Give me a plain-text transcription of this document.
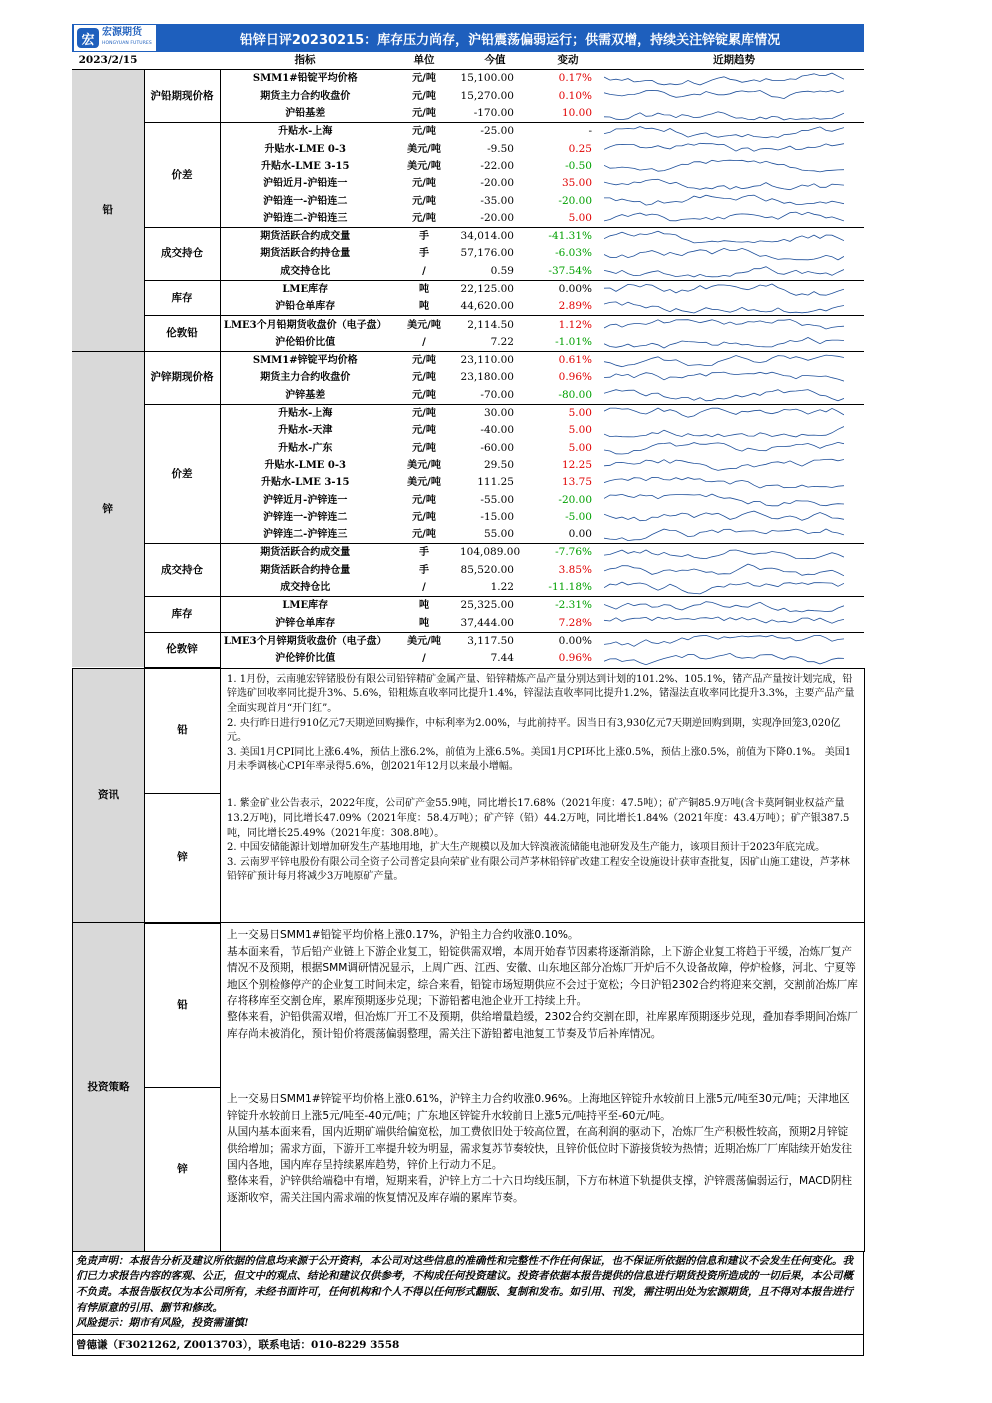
宏 宏源期货
HONGYUAN FUTURES	铅锌日评20230215：库存压力尚存，沪铅震荡偏弱运行；供需双增，持续关注锌锭累库情况
2023/2/15		指标	单位	今值	变动	近期趋势
铅	沪铅期现价格	SMM1#铅锭平均价格	元/吨	15,100.00	0.17%	

		期货主力合约收盘价	元/吨	15,270.00	0.10%	

		沪铅基差	元/吨	-170.00	10.00	

	价差	升贴水-上海	元/吨	-25.00	-	

		升贴水-LME 0-3	美元/吨	-9.50	0.25	

		升贴水-LME 3-15	美元/吨	-22.00	-0.50	

		沪铅近月-沪铅连一	元/吨	-20.00	35.00	

		沪铅连一-沪铅连二	元/吨	-35.00	-20.00	

		沪铅连二-沪铅连三	元/吨	-20.00	5.00	

	成交持仓	期货活跃合约成交量	手	34,014.00	-41.31%	

		期货活跃合约持仓量	手	57,176.00	-6.03%	

		成交持仓比	/	0.59	-37.54%	

	库存	LME库存	吨	22,125.00	0.00%	

		沪铅仓单库存	吨	44,620.00	2.89%	

	伦敦铅	LME3个月铅期货收盘价（电子盘）	美元/吨	2,114.50	1.12%	

		沪伦铅价比值	/	7.22	-1.01%	

锌	沪锌期现价格	SMM1#锌锭平均价格	元/吨	23,110.00	0.61%	

		期货主力合约收盘价	元/吨	23,180.00	0.96%	

		沪锌基差	元/吨	-70.00	-80.00	

	价差	升贴水-上海	元/吨	30.00	5.00	

		升贴水-天津	元/吨	-40.00	5.00	

		升贴水-广东	元/吨	-60.00	5.00	

		升贴水-LME 0-3	美元/吨	29.50	12.25	

		升贴水-LME 3-15	美元/吨	111.25	13.75	

		沪锌近月-沪锌连一	元/吨	-55.00	-20.00	

		沪锌连一-沪锌连二	元/吨	-15.00	-5.00	

		沪锌连二-沪锌连三	元/吨	55.00	0.00	

	成交持仓	期货活跃合约成交量	手	104,089.00	-7.76%	

		期货活跃合约持仓量	手	85,520.00	3.85%	

		成交持仓比	/	1.22	-11.18%	

	库存	LME库存	吨	25,325.00	-2.31%	

		沪锌仓单库存	吨	37,444.00	7.28%	

	伦敦锌	LME3个月锌期货收盘价（电子盘）	美元/吨	3,117.50	0.00%	

		沪伦锌价比值	/	7.44	0.96%	
资讯	铅	1. 1月份，云南驰宏锌锗股份有限公司铅锌精矿金属产量、铅锌精炼产品产量分别达到计划的101.2%、105.1%，锗产品产量按计划完成，铅锌选矿回收率同比提升3%、5.6%，铅粗炼直收率同比提升1.4%，锌湿法直收率同比提升1.2%，锗湿法直收率同比提升3.3%，主要产品产量全面实现首月“开门红”。
2. 央行昨日进行910亿元7天期逆回购操作，中标利率为2.00%，与此前持平。因当日有3,930亿元7天期逆回购到期，实现净回笼3,020亿元。
3. 美国1月CPI同比上涨6.4%，预估上涨6.2%，前值为上涨6.5%。美国1月CPI环比上涨0.5%，预估上涨0.5%，前值为下降0.1%。 美国1月未季调核心CPI年率录得5.6%，创2021年12月以来最小增幅。
	锌	1. 紫金矿业公告表示，2022年度，公司矿产金55.9吨，同比增长17.68%（2021年度：47.5吨）；矿产铜85.9万吨(含卡莫阿铜业权益产量13.2万吨)，同比增长47.09%（2021年度：58.4万吨）；矿产锌（铅）44.2万吨，同比增长1.84%（2021年度：43.4万吨）；矿产银387.5吨，同比增长25.49%（2021年度：308.8吨）。
2. 中国安储能源计划增加研发生产基地用地，扩大生产规模以及加大锌溴液流储能电池研发及生产能力，该项目预计于2023年底完成。
3. 云南罗平锌电股份有限公司全资子公司普定县向荣矿业有限公司芦茅林铅锌矿改建工程安全设施设计获审查批复，因矿山施工建设，芦茅林铅锌矿预计每月将减少3万吨原矿产量。
投资策略	铅	上一交易日SMM1#铅锭平均价格上涨0.17%，沪铅主力合约收涨0.10%。
基本面来看，节后铅产业链上下游企业复工，铅锭供需双增，本周开始春节因素将逐渐消除，上下游企业复工将趋于平缓，冶炼厂复产情况不及预期，根据SMM调研情况显示，上周广西、江西、安徽、山东地区部分冶炼厂开炉后不久设备故障，停炉检修，河北、宁夏等地区个别检修停产的企业复工时间未定，综合来看，铅锭市场短期供应不会过于宽松；今日沪铅2302合约将迎来交割，交割前冶炼厂库存将移库至交割仓库，累库预期逐步兑现；下游铅蓄电池企业开工持续上升。
整体来看，沪铅供需双增，但冶炼厂开工不及预期，供给增量趋缓，2302合约交割在即，社库累库预期逐步兑现，叠加春季期间冶炼厂库存尚未被消化，预计铅价将震荡偏弱整理，需关注下游铅蓄电池复工节奏及节后补库情况。
	锌	上一交易日SMM1#锌锭平均价格上涨0.61%，沪锌主力合约收涨0.96%。上海地区锌锭升水较前日上涨5元/吨至30元/吨；天津地区锌锭升水较前日上涨5元/吨至-40元/吨；广东地区锌锭升水较前日上涨5元/吨持平至-60元/吨。
从国内基本面来看，国内近期矿端供给偏宽松，加工费依旧处于较高位置，在高利润的驱动下，冶炼厂生产积极性较高，预期2月锌锭供给增加；需求方面，下游开工率提升较为明显，需求复苏节奏较快，且锌价低位时下游接货较为热情；近期冶炼厂厂库陆续开始发往国内各地，国内库存呈持续累库趋势，锌价上行动力不足。
整体来看，沪锌供给端稳中有增，短期来看，沪锌上方二十六日均线压制，下方布林道下轨提供支撑，沪锌震荡偏弱运行，MACD阴柱逐渐收窄，需关注国内需求端的恢复情况及库存端的累库节奏。
免责声明：本报告分析及建议所依据的信息均来源于公开资料，本公司对这些信息的准确性和完整性不作任何保证，也不保证所依据的信息和建议不会发生任何变化。我们已力求报告内容的客观、公正，但文中的观点、结论和建议仅供参考，不构成任何投资建议。投资者依据本报告提供的信息进行期货投资所造成的一切后果，本公司概不负责。本报告版权仅为本公司所有，未经书面许可，任何机构和个人不得以任何形式翻版、复制和发布。如引用、刊发，需注明出处为宏源期货，且不得对本报告进行有悖原意的引用、删节和修改。
风险提示：期市有风险，投资需谨慎!
曾德谦（F3021262, Z0013703），联系电话：010-8229 3558
